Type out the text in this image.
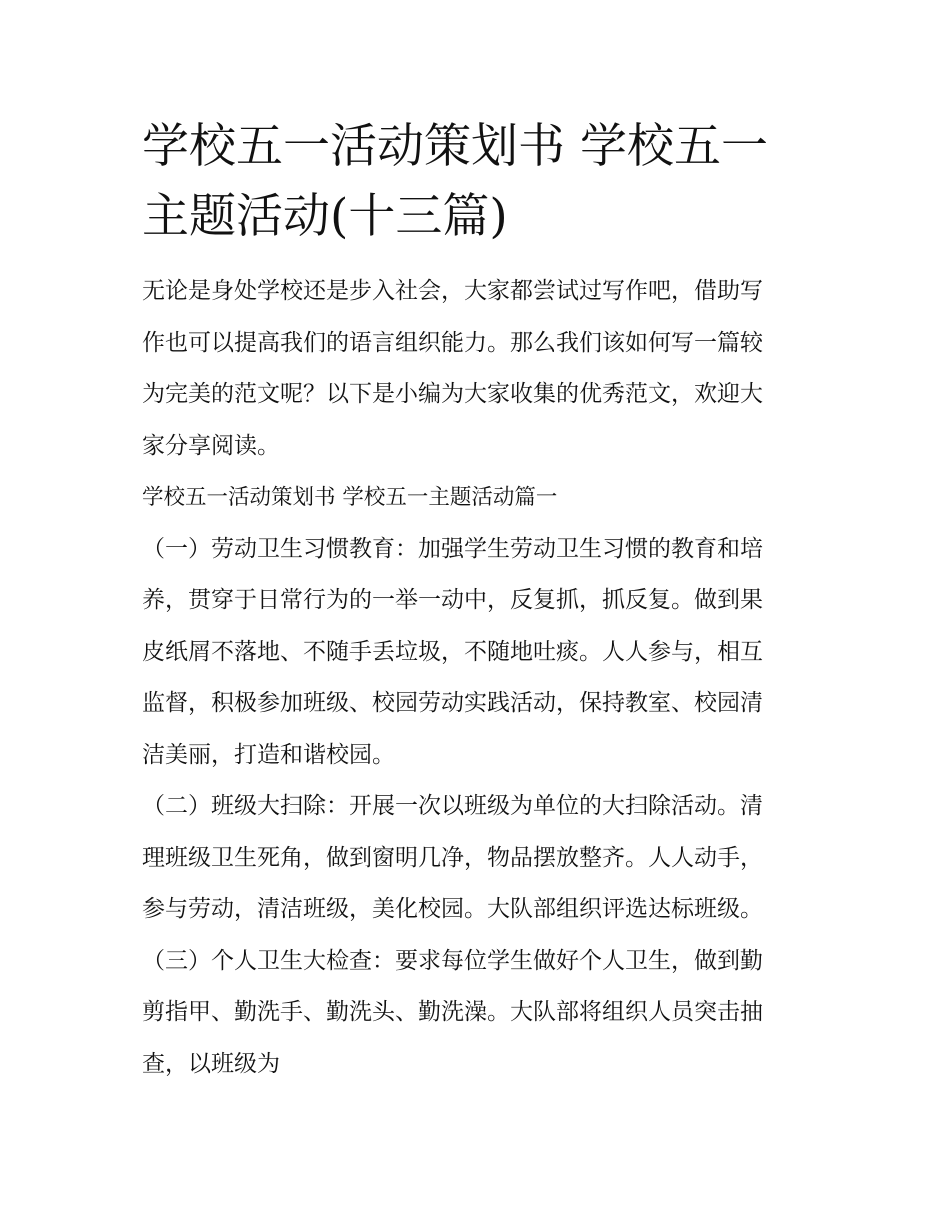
学校五一活动策划书 学校五一
主题活动(十三篇)

无论是身处学校还是步入社会，大家都尝试过写作吧，借助写
作也可以提高我们的语言组织能力。那么我们该如何写一篇较
为完美的范文呢？以下是小编为大家收集的优秀范文，欢迎大
家分享阅读。

学校五一活动策划书 学校五一主题活动篇一

（一）劳动卫生习惯教育：加强学生劳动卫生习惯的教育和培
养，贯穿于日常行为的一举一动中，反复抓，抓反复。做到果
皮纸屑不落地、不随手丢垃圾，不随地吐痰。人人参与，相互
监督，积极参加班级、校园劳动实践活动，保持教室、校园清
洁美丽，打造和谐校园。

（二）班级大扫除：开展一次以班级为单位的大扫除活动。清
理班级卫生死角，做到窗明几净，物品摆放整齐。人人动手，
参与劳动，清洁班级，美化校园。大队部组织评选达标班级。

（三）个人卫生大检查：要求每位学生做好个人卫生，做到勤
剪指甲、勤洗手、勤洗头、勤洗澡。大队部将组织人员突击抽
查，以班级为
